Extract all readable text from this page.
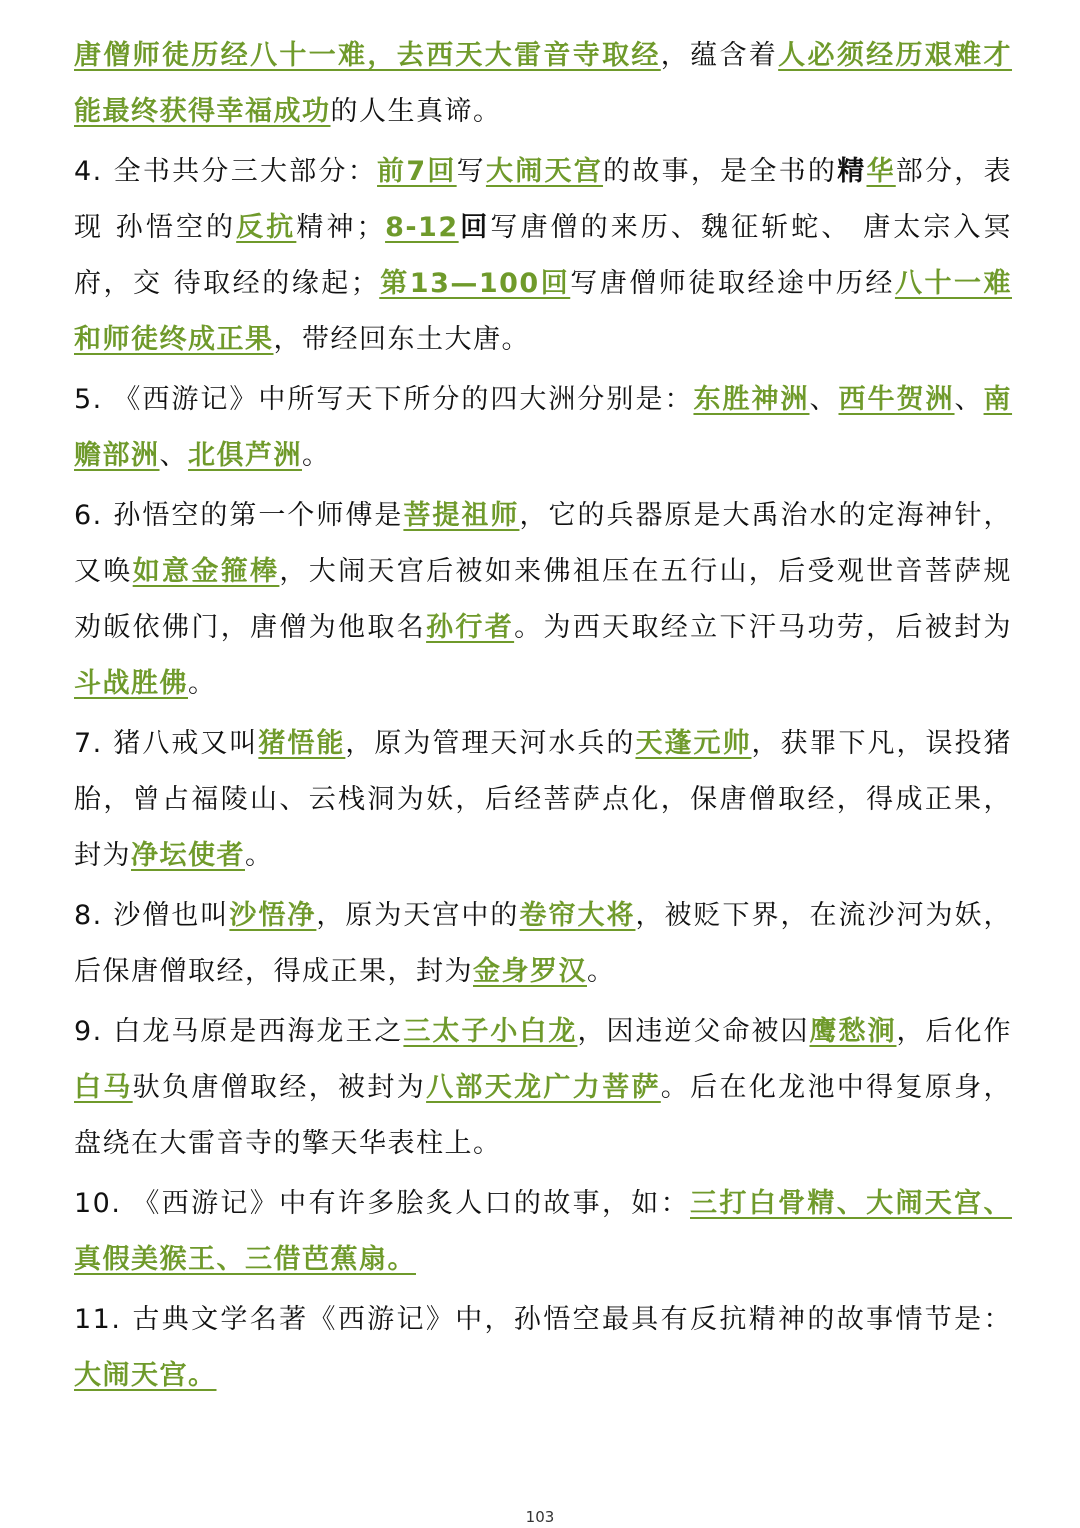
唐僧师徒历经八十一难，去西天大雷音寺取经，蕴含着人必须经历艰难才能最终获得幸福成功的人生真谛。

4. 全书共分三大部分：前7回写大闹天宫的故事，是全书的精华部分，表现 孙悟空的反抗精神；8-12回写唐僧的来历、魏征斩蛇、 唐太宗入冥府，交 待取经的缘起；第13—100回写唐僧师徒取经途中历经八十一难和师徒终成正果，带经回东土大唐。

5. 《西游记》中所写天下所分的四大洲分别是：东胜神洲、西牛贺洲、南赡部洲、北俱芦洲。

6. 孙悟空的第一个师傅是菩提祖师，它的兵器原是大禹治水的定海神针，又唤如意金箍棒，大闹天宫后被如来佛祖压在五行山，后受观世音菩萨规劝皈依佛门，唐僧为他取名孙行者。为西天取经立下汗马功劳，后被封为斗战胜佛。

7. 猪八戒又叫猪悟能，原为管理天河水兵的天蓬元帅，获罪下凡，误投猪胎，曾占福陵山、云栈洞为妖，后经菩萨点化，保唐僧取经，得成正果，封为净坛使者。

8. 沙僧也叫沙悟净，原为天宫中的卷帘大将，被贬下界，在流沙河为妖，后保唐僧取经，得成正果，封为金身罗汉。

9. 白龙马原是西海龙王之三太子小白龙，因违逆父命被囚鹰愁涧，后化作白马驮负唐僧取经，被封为八部天龙广力菩萨。后在化龙池中得复原身，盘绕在大雷音寺的擎天华表柱上。

10. 《西游记》中有许多脍炙人口的故事，如：三打白骨精、大闹天宫、真假美猴王、三借芭蕉扇。

11. 古典文学名著《西游记》中，孙悟空最具有反抗精神的故事情节是： 大闹天宫。

103
